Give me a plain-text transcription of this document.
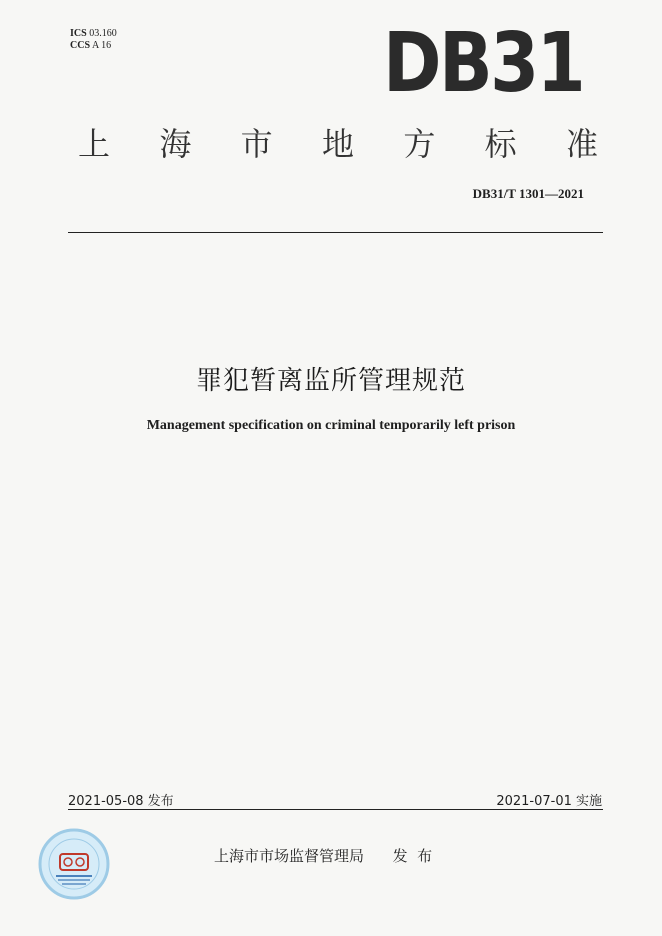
ICS 03.160
CCS A 16	DB31
上 海 市 地 方 标 准
DB31/T 1301—2021
罪犯暂离监所管理规范
Management specification on criminal temporarily left prison
2021-05-08 发布	2021-07-01 实施
上海市市场监督管理局 发  布
